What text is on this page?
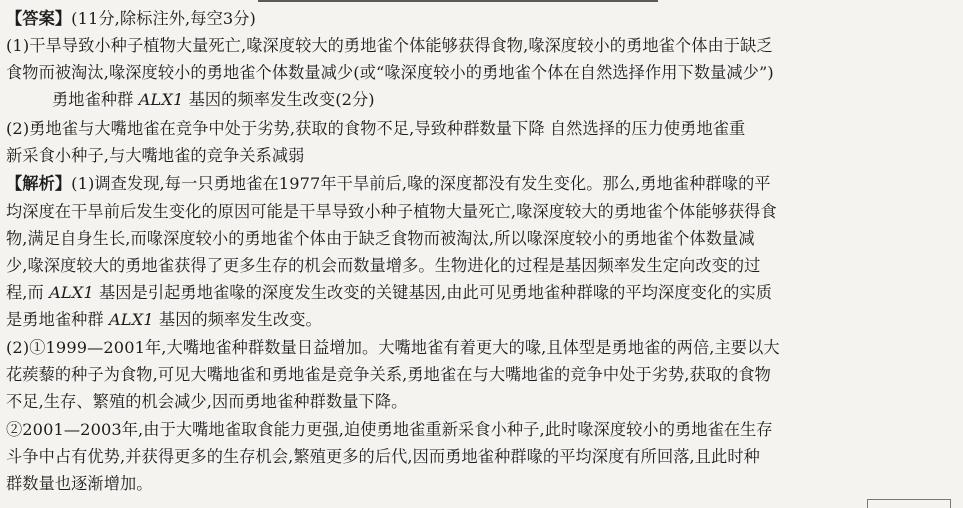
【答案】(11分,除标注外,每空3分)
(1)干旱导致小种子植物大量死亡,喙深度较大的勇地雀个体能够获得食物,喙深度较小的勇地雀个体由于缺乏
食物而被淘汰,喙深度较小的勇地雀个体数量减少(或“喙深度较小的勇地雀个体在自然选择作用下数量减少”)
勇地雀种群 ALX1 基因的频率发生改变(2分)
(2)勇地雀与大嘴地雀在竞争中处于劣势,获取的食物不足,导致种群数量下降 自然选择的压力使勇地雀重
新采食小种子,与大嘴地雀的竞争关系减弱
【解析】(1)调查发现,每一只勇地雀在1977年干旱前后,喙的深度都没有发生变化。那么,勇地雀种群喙的平
均深度在干旱前后发生变化的原因可能是干旱导致小种子植物大量死亡,喙深度较大的勇地雀个体能够获得食
物,满足自身生长,而喙深度较小的勇地雀个体由于缺乏食物而被淘汰,所以喙深度较小的勇地雀个体数量减
少,喙深度较大的勇地雀获得了更多生存的机会而数量增多。生物进化的过程是基因频率发生定向改变的过
程,而 ALX1 基因是引起勇地雀喙的深度发生改变的关键基因,由此可见勇地雀种群喙的平均深度变化的实质
是勇地雀种群 ALX1 基因的频率发生改变。
(2)①1999—2001年,大嘴地雀种群数量日益增加。大嘴地雀有着更大的喙,且体型是勇地雀的两倍,主要以大
花蒺藜的种子为食物,可见大嘴地雀和勇地雀是竞争关系,勇地雀在与大嘴地雀的竞争中处于劣势,获取的食物
不足,生存、繁殖的机会减少,因而勇地雀种群数量下降。
②2001—2003年,由于大嘴地雀取食能力更强,迫使勇地雀重新采食小种子,此时喙深度较小的勇地雀在生存
斗争中占有优势,并获得更多的生存机会,繁殖更多的后代,因而勇地雀种群喙的平均深度有所回落,且此时种
群数量也逐渐增加。
